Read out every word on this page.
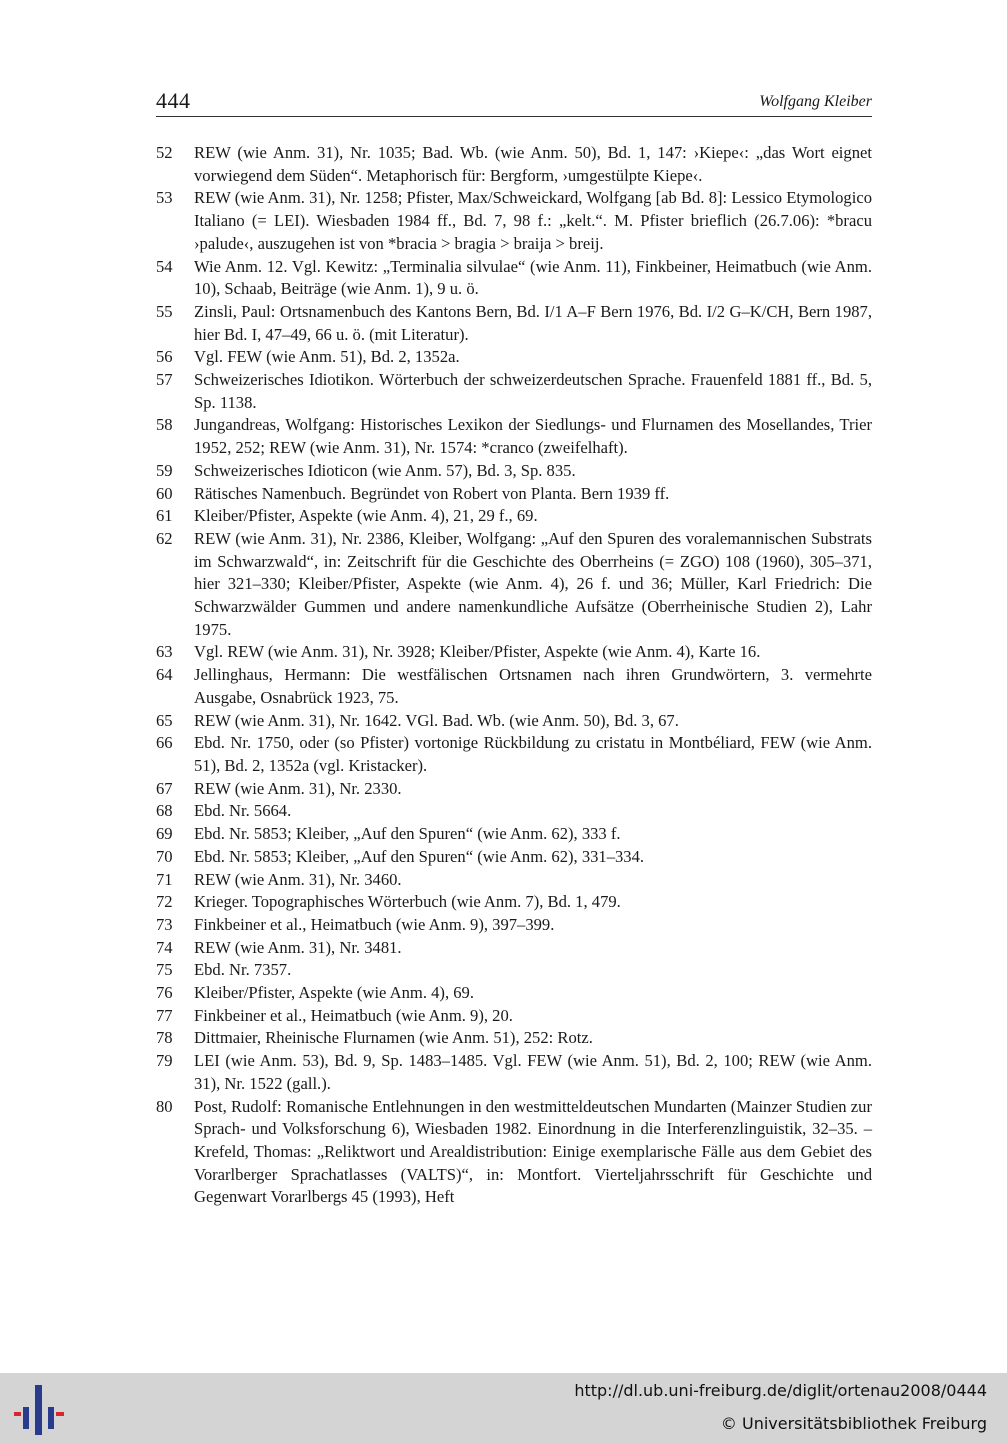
444	Wolfgang Kleiber
52	REW (wie Anm. 31), Nr. 1035; Bad. Wb. (wie Anm. 50), Bd. 1, 147: ›Kiepe‹: „das Wort eignet vorwiegend dem Süden“. Metaphorisch für: Bergform, ›umgestülpte Kiepe‹.
53	REW (wie Anm. 31), Nr. 1258; Pfister, Max/Schweickard, Wolfgang [ab Bd. 8]: Lessico Etymologico Italiano (= LEI). Wiesbaden 1984 ff., Bd. 7, 98 f.: „kelt.“. M. Pfister brieflich (26.7.06): *bracu ›palude‹, auszugehen ist von *bracia > bragia > braija > breij.
54	Wie Anm. 12. Vgl. Kewitz: „Terminalia silvulae“ (wie Anm. 11), Finkbeiner, Heimatbuch (wie Anm. 10), Schaab, Beiträge (wie Anm. 1), 9 u. ö.
55	Zinsli, Paul: Ortsnamenbuch des Kantons Bern, Bd. I/1 A–F Bern 1976, Bd. I/2 G–K/CH, Bern 1987, hier Bd. I, 47–49, 66 u. ö. (mit Literatur).
56	Vgl. FEW (wie Anm. 51), Bd. 2, 1352a.
57	Schweizerisches Idiotikon. Wörterbuch der schweizerdeutschen Sprache. Frauenfeld 1881 ff., Bd. 5, Sp. 1138.
58	Jungandreas, Wolfgang: Historisches Lexikon der Siedlungs- und Flurnamen des Mosellandes, Trier 1952, 252; REW (wie Anm. 31), Nr. 1574: *cranco (zweifelhaft).
59	Schweizerisches Idioticon (wie Anm. 57), Bd. 3, Sp. 835.
60	Rätisches Namenbuch. Begründet von Robert von Planta. Bern 1939 ff.
61	Kleiber/Pfister, Aspekte (wie Anm. 4), 21, 29 f., 69.
62	REW (wie Anm. 31), Nr. 2386, Kleiber, Wolfgang: „Auf den Spuren des voralemannischen Substrats im Schwarzwald“, in: Zeitschrift für die Geschichte des Oberrheins (= ZGO) 108 (1960), 305–371, hier 321–330; Kleiber/Pfister, Aspekte (wie Anm. 4), 26 f. und 36; Müller, Karl Friedrich: Die Schwarzwälder Gummen und andere namenkundliche Aufsätze (Oberrheinische Studien 2), Lahr 1975.
63	Vgl. REW (wie Anm. 31), Nr. 3928; Kleiber/Pfister, Aspekte (wie Anm. 4), Karte 16.
64	Jellinghaus, Hermann: Die westfälischen Ortsnamen nach ihren Grundwörtern, 3. vermehrte Ausgabe, Osnabrück 1923, 75.
65	REW (wie Anm. 31), Nr. 1642. VGl. Bad. Wb. (wie Anm. 50), Bd. 3, 67.
66	Ebd. Nr. 1750, oder (so Pfister) vortonige Rückbildung zu cristatu in Montbéliard, FEW (wie Anm. 51), Bd. 2, 1352a (vgl. Kristacker).
67	REW (wie Anm. 31), Nr. 2330.
68	Ebd. Nr. 5664.
69	Ebd. Nr. 5853; Kleiber, „Auf den Spuren“ (wie Anm. 62), 333 f.
70	Ebd. Nr. 5853; Kleiber, „Auf den Spuren“ (wie Anm. 62), 331–334.
71	REW (wie Anm. 31), Nr. 3460.
72	Krieger. Topographisches Wörterbuch (wie Anm. 7), Bd. 1, 479.
73	Finkbeiner et al., Heimatbuch (wie Anm. 9), 397–399.
74	REW (wie Anm. 31), Nr. 3481.
75	Ebd. Nr. 7357.
76	Kleiber/Pfister, Aspekte (wie Anm. 4), 69.
77	Finkbeiner et al., Heimatbuch (wie Anm. 9), 20.
78	Dittmaier, Rheinische Flurnamen (wie Anm. 51), 252: Rotz.
79	LEI (wie Anm. 53), Bd. 9, Sp. 1483–1485. Vgl. FEW (wie Anm. 51), Bd. 2, 100; REW (wie Anm. 31), Nr. 1522 (gall.).
80	Post, Rudolf: Romanische Entlehnungen in den westmitteldeutschen Mundarten (Mainzer Studien zur Sprach- und Volksforschung 6), Wiesbaden 1982. Einordnung in die Interferenzlinguistik, 32–35. – Krefeld, Thomas: „Reliktwort und Arealdistribution: Einige exemplarische Fälle aus dem Gebiet des Vorarlberger Sprachatlasses (VALTS)“, in: Montfort. Vierteljahrsschrift für Geschichte und Gegenwart Vorarlbergs 45 (1993), Heft
http://dl.ub.uni-freiburg.de/diglit/ortenau2008/0444
© Universitätsbibliothek Freiburg
